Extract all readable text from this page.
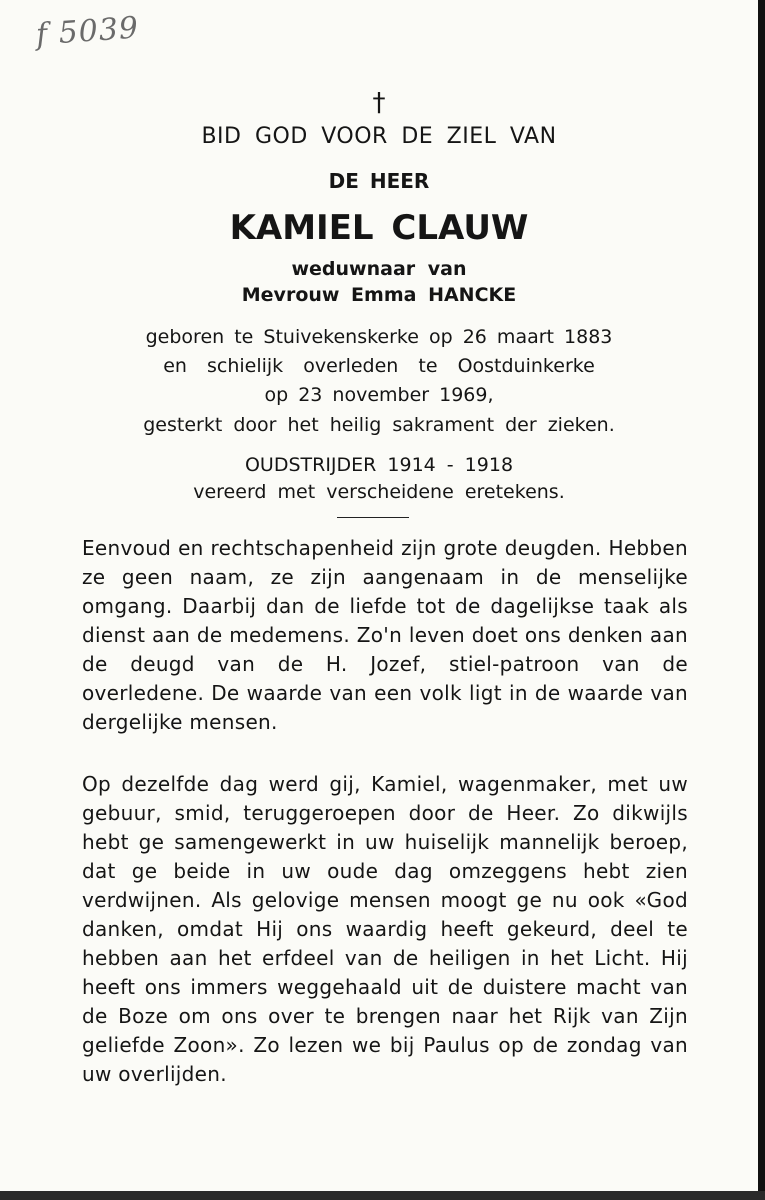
f 5039
†
BID GOD VOOR DE ZIEL VAN
DE HEER
KAMIEL CLAUW
weduwnaar van
Mevrouw Emma HANCKE
geboren te Stuivekenskerke op 26 maart 1883
en schielijk overleden te Oostduinkerke
op 23 november 1969,
gesterkt door het heilig sakrament der zieken.
OUDSTRIJDER 1914 - 1918
vereerd met verscheidene eretekens.
Eenvoud en rechtschapenheid zijn grote deugden. Hebben ze geen naam, ze zijn aangenaam in de menselijke omgang. Daarbij dan de liefde tot de dagelijkse taak als dienst aan de medemens. Zo'n leven doet ons denken aan de deugd van de H. Jozef, stiel-patroon van de overledene. De waarde van een volk ligt in de waarde van dergelijke mensen.
Op dezelfde dag werd gij, Kamiel, wagenmaker, met uw gebuur, smid, teruggeroepen door de Heer. Zo dikwijls hebt ge samengewerkt in uw huiselijk mannelijk beroep, dat ge beide in uw oude dag omzeggens hebt zien verdwijnen. Als gelovige mensen moogt ge nu ook «God danken, omdat Hij ons waardig heeft gekeurd, deel te hebben aan het erfdeel van de heiligen in het Licht. Hij heeft ons immers weggehaald uit de duistere macht van de Boze om ons over te brengen naar het Rijk van Zijn geliefde Zoon». Zo lezen we bij Paulus op de zondag van uw overlijden.
